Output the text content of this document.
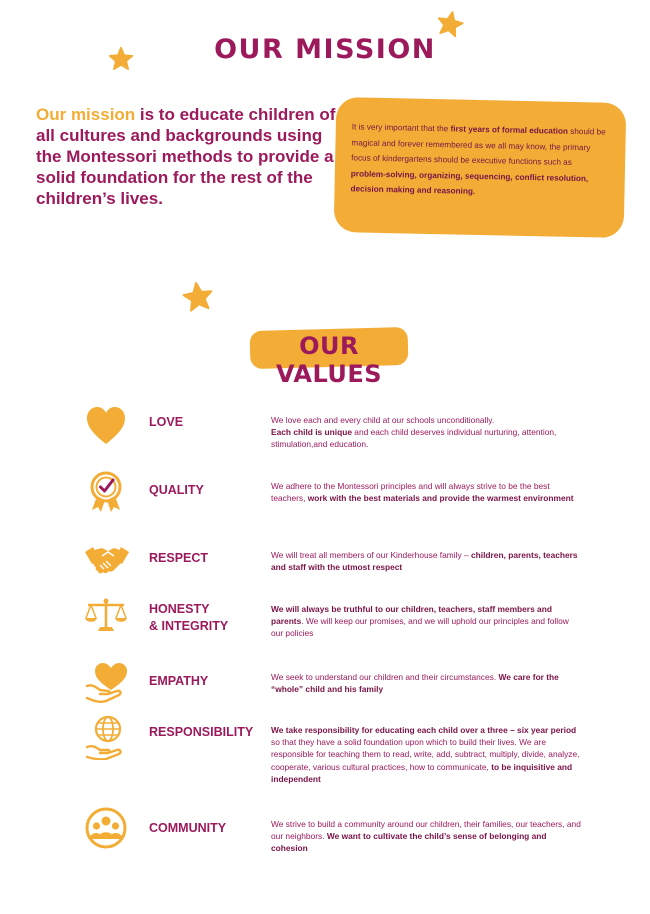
OUR MISSION
Our mission is to educate children of all cultures and backgrounds using the Montessori methods to provide a solid foundation for the rest of the children’s lives.
It is very important that the first years of formal education should be magical and forever remembered as we all may know, the primary focus of kindergartens should be executive functions such as problem-solving, organizing, sequencing, conflict resolution, decision making and reasoning.
OUR VALUES
LOVE	We love each and every child at our schools unconditionally.
Each child is unique and each child deserves individual nurturing, attention, stimulation,and education.
QUALITY	We adhere to the Montessori principles and will always strive to be the best teachers, work with the best materials and provide the warmest environment
RESPECT	We will treat all members of our Kinderhouse family – children, parents, teachers and staff with the utmost respect
HONESTY
& INTEGRITY
We will always be truthful to our children, teachers, staff members and parents. We will keep our promises, and we will uphold our principles and follow our policies
EMPATHY	We seek to understand our children and their circumstances. We care for the “whole” child and his family
RESPONSIBILITY	We take responsibility for educating each child over a three – six year period so that they have a solid foundation upon which to build their lives. We are responsible for teaching them to read, write, add, subtract, multiply, divide, analyze, cooperate, various cultural practices, how to communicate, to be inquisitive and independent
COMMUNITY	We strive to build a community around our children, their families, our teachers, and our neighbors. We want to cultivate the child’s sense of belonging and cohesion
